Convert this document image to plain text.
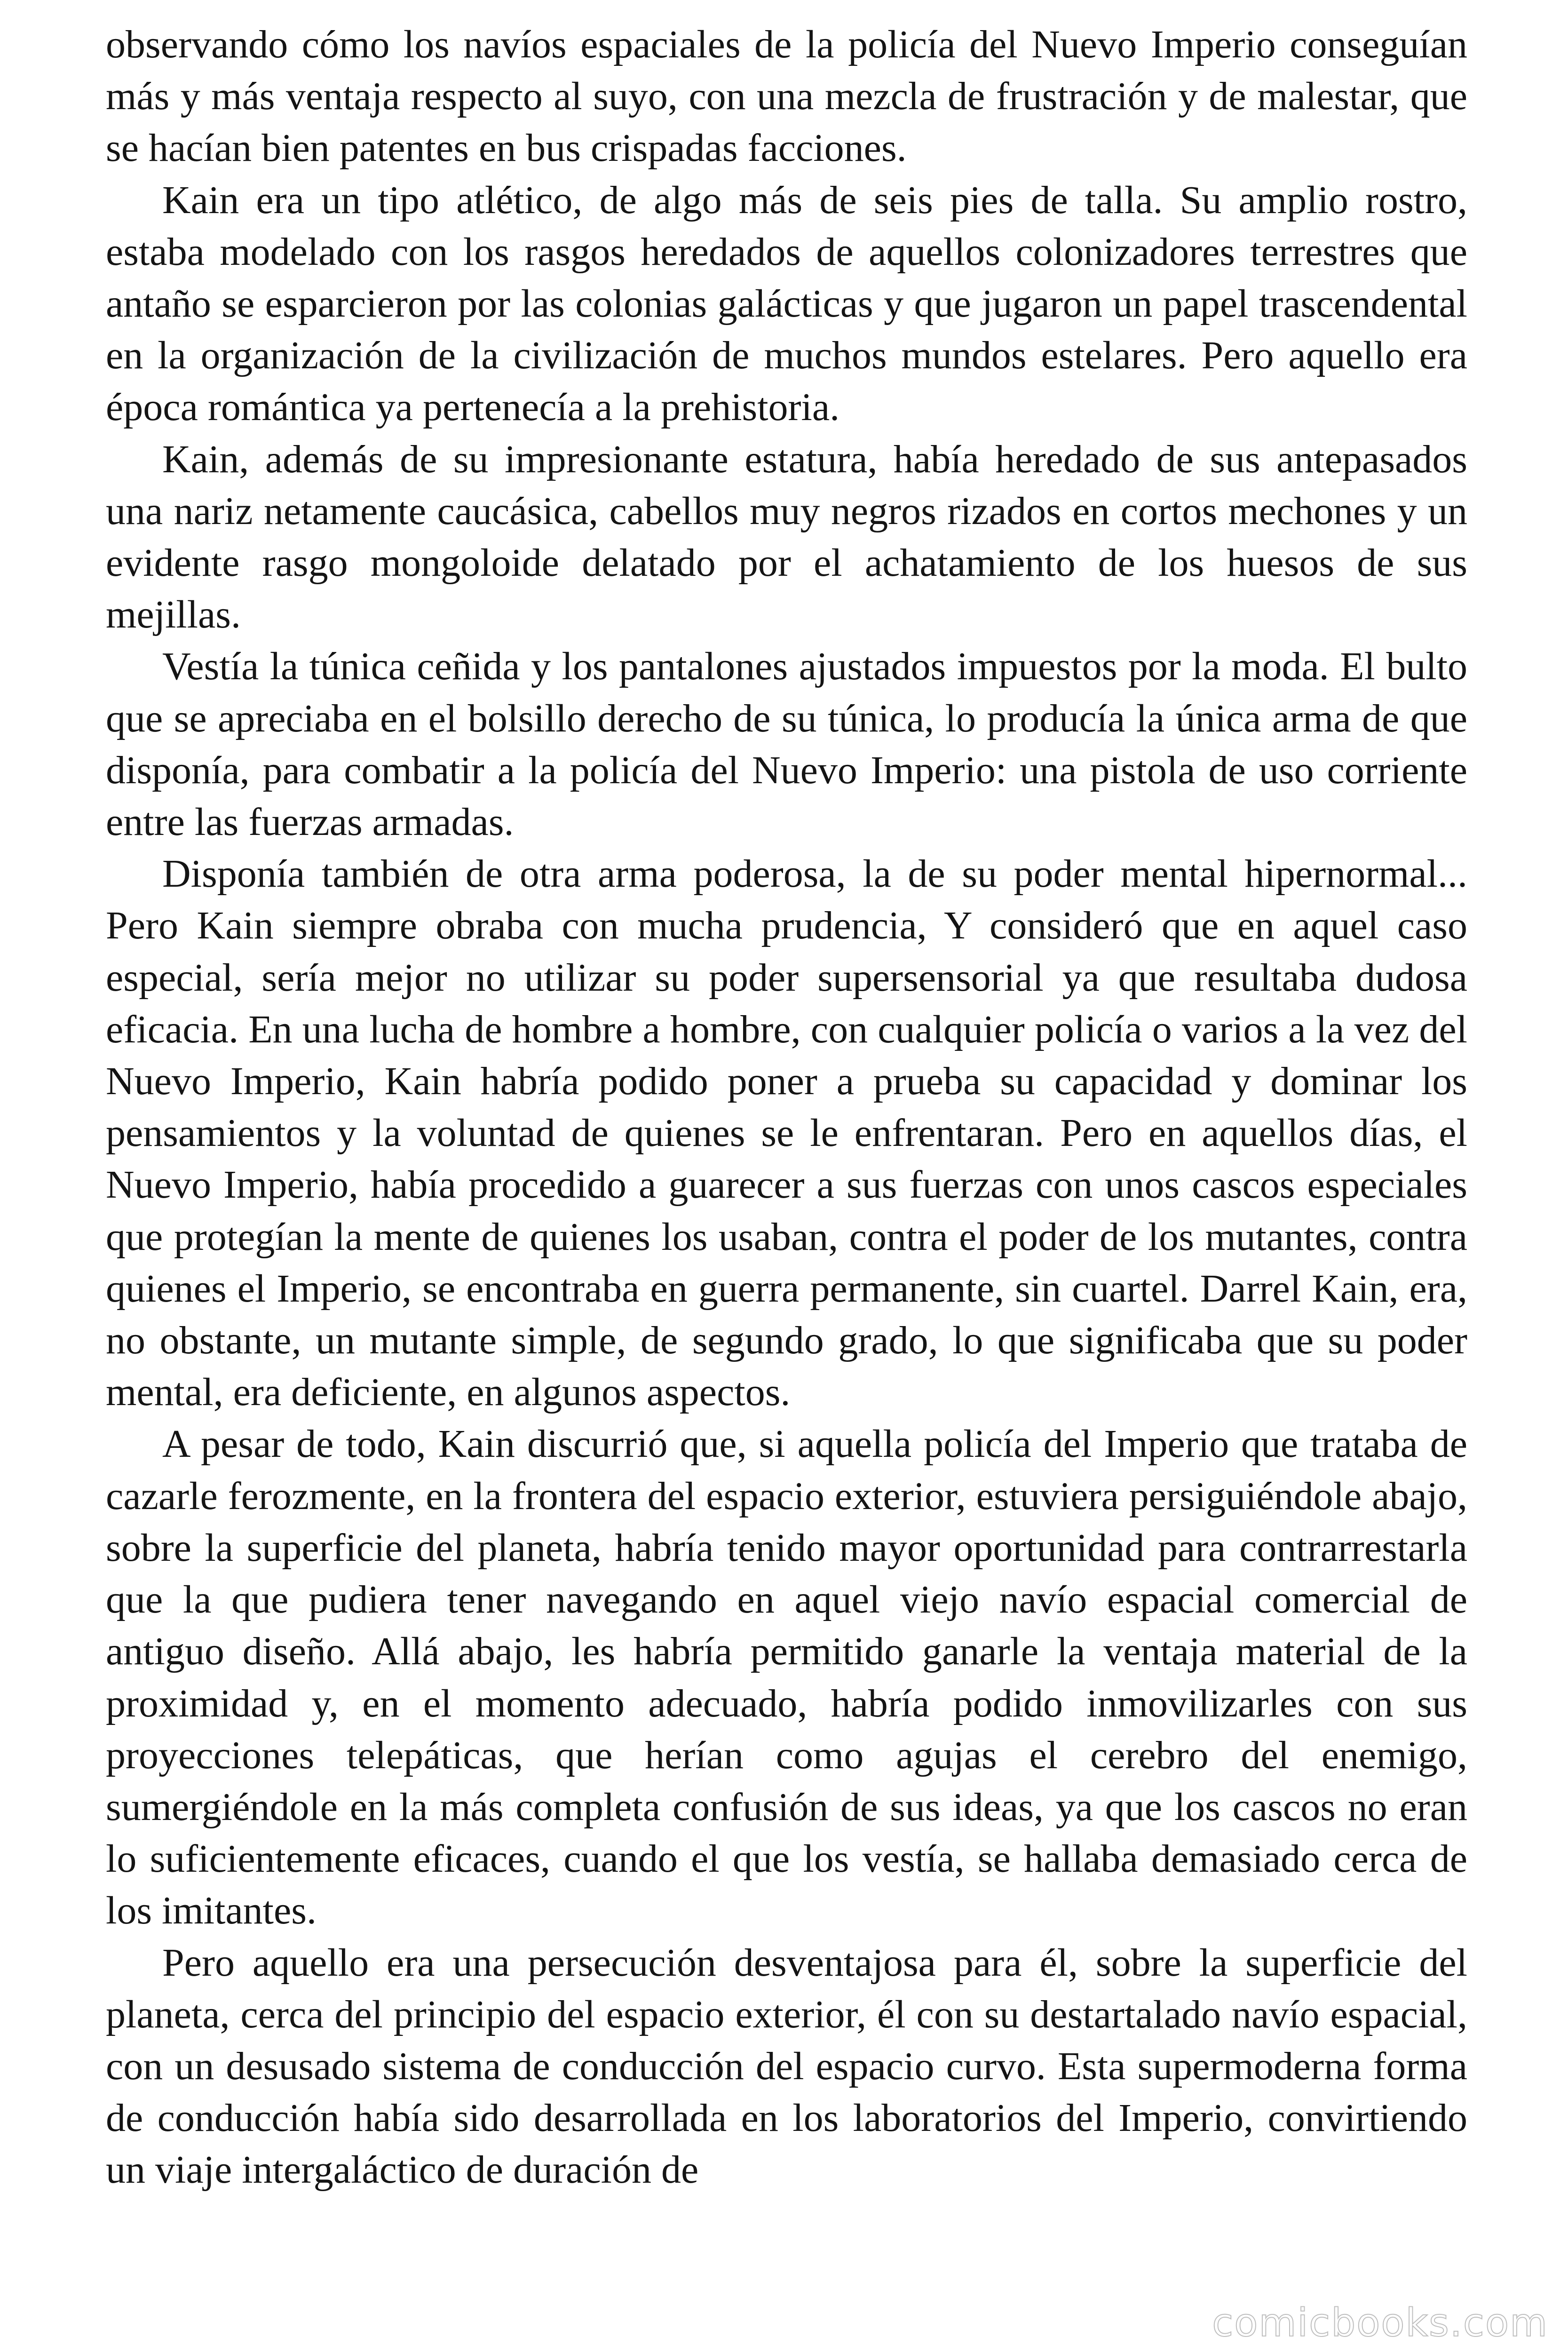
observando cómo los navíos espaciales de la policía del Nuevo Imperio conseguían más y más ventaja respecto al suyo, con una mezcla de frustración y de malestar, que se hacían bien patentes en bus crispadas facciones.

Kain era un tipo atlético, de algo más de seis pies de talla. Su amplio rostro, estaba modelado con los rasgos heredados de aquellos colonizadores terrestres que antaño se esparcieron por las colonias galácticas y que jugaron un papel trascendental en la organización de la civilización de muchos mundos estelares. Pero aquello era época romántica ya pertenecía a la prehistoria.

Kain, además de su impresionante estatura, había heredado de sus antepasados una nariz netamente caucásica, cabellos muy negros rizados en cortos mechones y un evidente rasgo mongoloide delatado por el achatamiento de los huesos de sus mejillas.

Vestía la túnica ceñida y los pantalones ajustados impuestos por la moda. El bulto que se apreciaba en el bolsillo derecho de su túnica, lo producía la única arma de que disponía, para combatir a la policía del Nuevo Imperio: una pistola de uso corriente entre las fuerzas armadas.

Disponía también de otra arma poderosa, la de su poder mental hipernormal... Pero Kain siempre obraba con mucha prudencia, Y consideró que en aquel caso especial, sería mejor no utilizar su poder supersensorial ya que resultaba dudosa eficacia. En una lucha de hombre a hombre, con cualquier policía o varios a la vez del Nuevo Imperio, Kain habría podido poner a prueba su capacidad y dominar los pensamientos y la voluntad de quienes se le enfrentaran. Pero en aquellos días, el Nuevo Imperio, había procedido a guarecer a sus fuerzas con unos cascos especiales que protegían la mente de quienes los usaban, contra el poder de los mutantes, contra quienes el Imperio, se encontraba en guerra permanente, sin cuartel. Darrel Kain, era, no obstante, un mutante simple, de segundo grado, lo que significaba que su poder mental, era deficiente, en algunos aspectos.

A pesar de todo, Kain discurrió que, si aquella policía del Imperio que trataba de cazarle ferozmente, en la frontera del espacio exterior, estuviera persiguiéndole abajo, sobre la superficie del planeta, habría tenido mayor oportunidad para contrarrestarla que la que pudiera tener navegando en aquel viejo navío espacial comercial de antiguo diseño. Allá abajo, les habría permitido ganarle la ventaja material de la proximidad y, en el momento adecuado, habría podido inmovilizarles con sus proyecciones telepáticas, que herían como agujas el cerebro del enemigo, sumergiéndole en la más completa confusión de sus ideas, ya que los cascos no eran lo suficientemente eficaces, cuando el que los vestía, se hallaba demasiado cerca de los imitantes.

Pero aquello era una persecución desventajosa para él, sobre la superficie del planeta, cerca del principio del espacio exterior, él con su destartalado navío espacial, con un desusado sistema de conducción del espacio curvo. Esta supermoderna forma de conducción había sido desarrollada en los laboratorios del Imperio, convirtiendo un viaje intergaláctico de duración de

comicbooks.com
